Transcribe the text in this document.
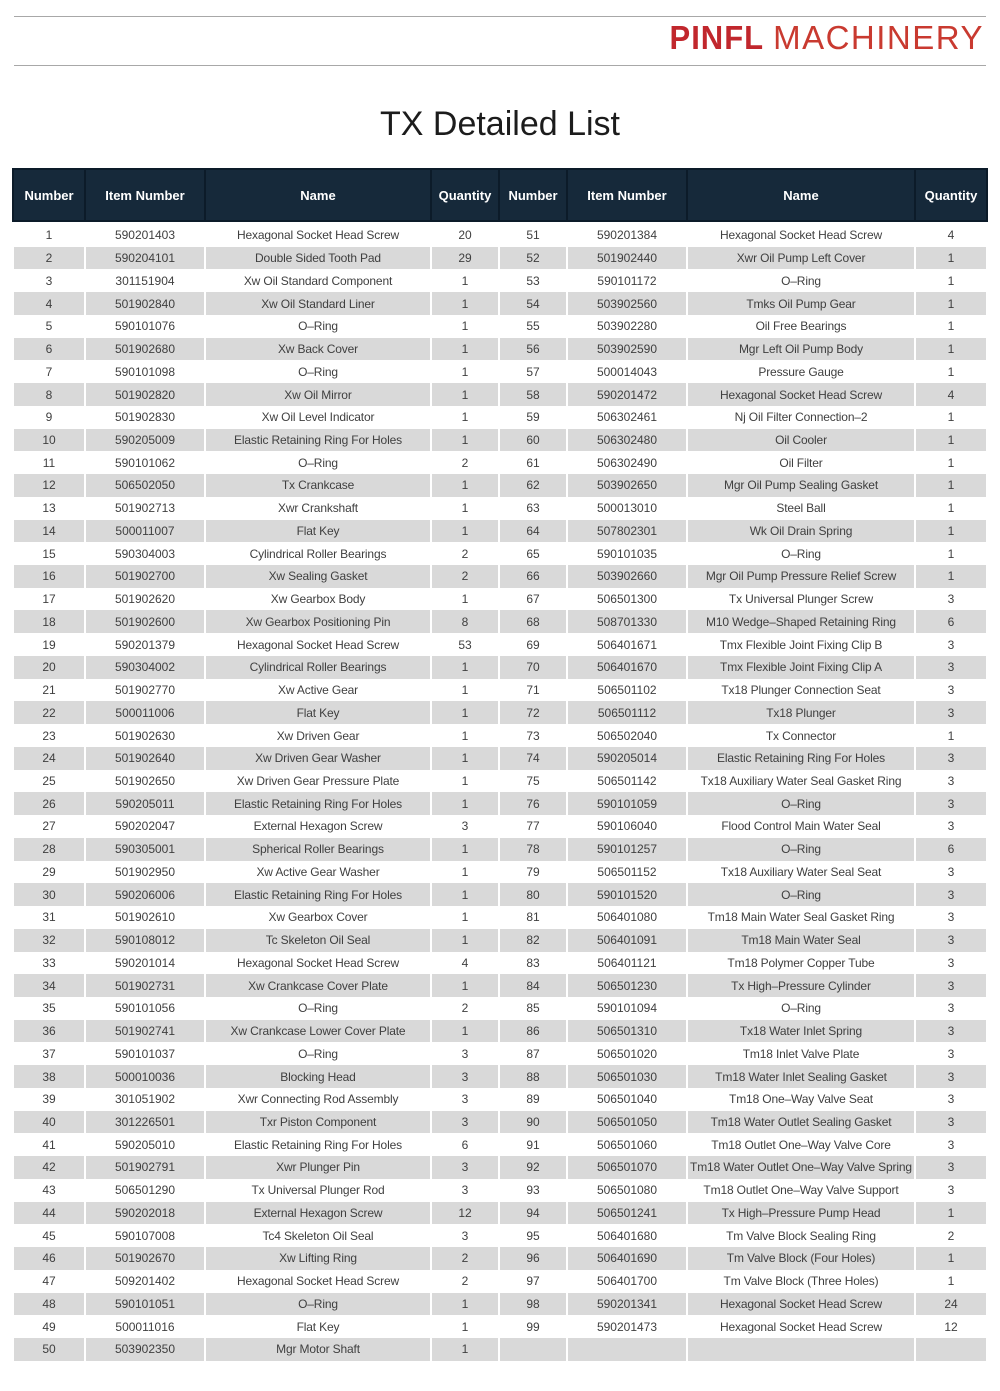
PINFL MACHINERY
TX Detailed List
Number	Item Number	Name	Quantity	Number	Item Number	Name	Quantity
1	590201403	Hexagonal Socket Head Screw	20	51	590201384	Hexagonal Socket Head Screw	4
2	590204101	Double Sided Tooth Pad	29	52	501902440	Xwr Oil Pump Left Cover	1
3	301151904	Xw Oil Standard Component	1	53	590101172	O–Ring	1
4	501902840	Xw Oil Standard Liner	1	54	503902560	Tmks Oil Pump Gear	1
5	590101076	O–Ring	1	55	503902280	Oil Free Bearings	1
6	501902680	Xw Back Cover	1	56	503902590	Mgr Left Oil Pump Body	1
7	590101098	O–Ring	1	57	500014043	Pressure Gauge	1
8	501902820	Xw Oil Mirror	1	58	590201472	Hexagonal Socket Head Screw	4
9	501902830	Xw Oil Level Indicator	1	59	506302461	Nj Oil Filter Connection–2	1
10	590205009	Elastic Retaining Ring For Holes	1	60	506302480	Oil Cooler	1
11	590101062	O–Ring	2	61	506302490	Oil Filter	1
12	506502050	Tx Crankcase	1	62	503902650	Mgr Oil Pump Sealing Gasket	1
13	501902713	Xwr Crankshaft	1	63	500013010	Steel Ball	1
14	500011007	Flat Key	1	64	507802301	Wk Oil Drain Spring	1
15	590304003	Cylindrical Roller Bearings	2	65	590101035	O–Ring	1
16	501902700	Xw Sealing Gasket	2	66	503902660	Mgr Oil Pump Pressure Relief Screw	1
17	501902620	Xw Gearbox Body	1	67	506501300	Tx Universal Plunger Screw	3
18	501902600	Xw Gearbox Positioning Pin	8	68	508701330	M10 Wedge–Shaped Retaining Ring	6
19	590201379	Hexagonal Socket Head Screw	53	69	506401671	Tmx Flexible Joint Fixing Clip B	3
20	590304002	Cylindrical Roller Bearings	1	70	506401670	Tmx Flexible Joint Fixing Clip A	3
21	501902770	Xw Active Gear	1	71	506501102	Tx18 Plunger Connection Seat	3
22	500011006	Flat Key	1	72	506501112	Tx18 Plunger	3
23	501902630	Xw Driven Gear	1	73	506502040	Tx Connector	1
24	501902640	Xw Driven Gear Washer	1	74	590205014	Elastic Retaining Ring For Holes	3
25	501902650	Xw Driven Gear Pressure Plate	1	75	506501142	Tx18 Auxiliary Water Seal Gasket Ring	3
26	590205011	Elastic Retaining Ring For Holes	1	76	590101059	O–Ring	3
27	590202047	External Hexagon Screw	3	77	590106040	Flood Control Main Water Seal	3
28	590305001	Spherical Roller Bearings	1	78	590101257	O–Ring	6
29	501902950	Xw Active Gear Washer	1	79	506501152	Tx18 Auxiliary Water Seal Seat	3
30	590206006	Elastic Retaining Ring For Holes	1	80	590101520	O–Ring	3
31	501902610	Xw Gearbox Cover	1	81	506401080	Tm18 Main Water Seal Gasket Ring	3
32	590108012	Tc Skeleton Oil Seal	1	82	506401091	Tm18 Main Water Seal	3
33	590201014	Hexagonal Socket Head Screw	4	83	506401121	Tm18 Polymer Copper Tube	3
34	501902731	Xw Crankcase Cover Plate	1	84	506501230	Tx High–Pressure Cylinder	3
35	590101056	O–Ring	2	85	590101094	O–Ring	3
36	501902741	Xw Crankcase Lower Cover Plate	1	86	506501310	Tx18 Water Inlet Spring	3
37	590101037	O–Ring	3	87	506501020	Tm18 Inlet Valve Plate	3
38	500010036	Blocking Head	3	88	506501030	Tm18 Water Inlet Sealing Gasket	3
39	301051902	Xwr Connecting Rod Assembly	3	89	506501040	Tm18 One–Way Valve Seat	3
40	301226501	Txr Piston Component	3	90	506501050	Tm18 Water Outlet Sealing Gasket	3
41	590205010	Elastic Retaining Ring For Holes	6	91	506501060	Tm18 Outlet One–Way Valve Core	3
42	501902791	Xwr Plunger Pin	3	92	506501070	Tm18 Water Outlet One–Way Valve Spring	3
43	506501290	Tx Universal Plunger Rod	3	93	506501080	Tm18 Outlet One–Way Valve Support	3
44	590202018	External Hexagon Screw	12	94	506501241	Tx High–Pressure Pump Head	1
45	590107008	Tc4 Skeleton Oil Seal	3	95	506401680	Tm Valve Block Sealing Ring	2
46	501902670	Xw Lifting Ring	2	96	506401690	Tm Valve Block (Four Holes)	1
47	509201402	Hexagonal Socket Head Screw	2	97	506401700	Tm Valve Block (Three Holes)	1
48	590101051	O–Ring	1	98	590201341	Hexagonal Socket Head Screw	24
49	500011016	Flat Key	1	99	590201473	Hexagonal Socket Head Screw	12
50	503902350	Mgr Motor Shaft	1
